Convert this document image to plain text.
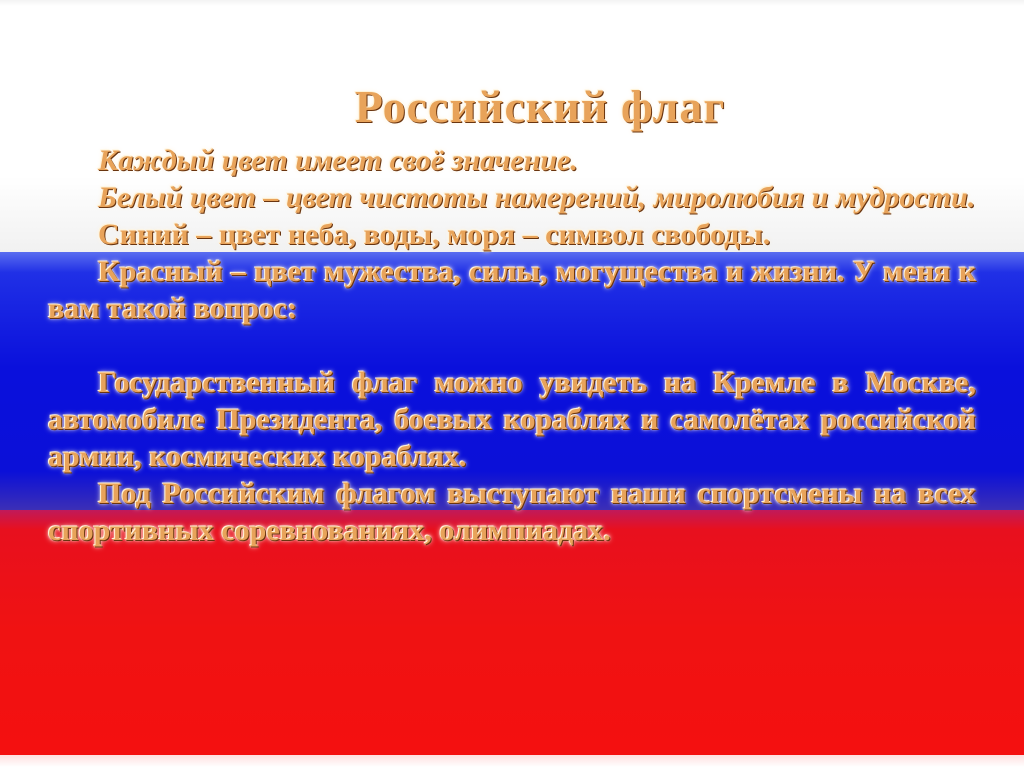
Российский флаг

Каждый цвет имеет своё значение.

Белый цвет – цвет чистоты намерений, миролюбия и мудрости.

Синий – цвет неба, воды, моря – символ свободы.

Красный – цвет мужества, силы, могущества и жизни. У меня к вам такой вопрос:

Государственный флаг можно увидеть на Кремле в Москве, автомобиле Президента, боевых кораблях и самолётах российской армии, космических кораблях.

Под Российским флагом выступают наши спортсмены на всех спортивных соревнованиях, олимпиадах.
